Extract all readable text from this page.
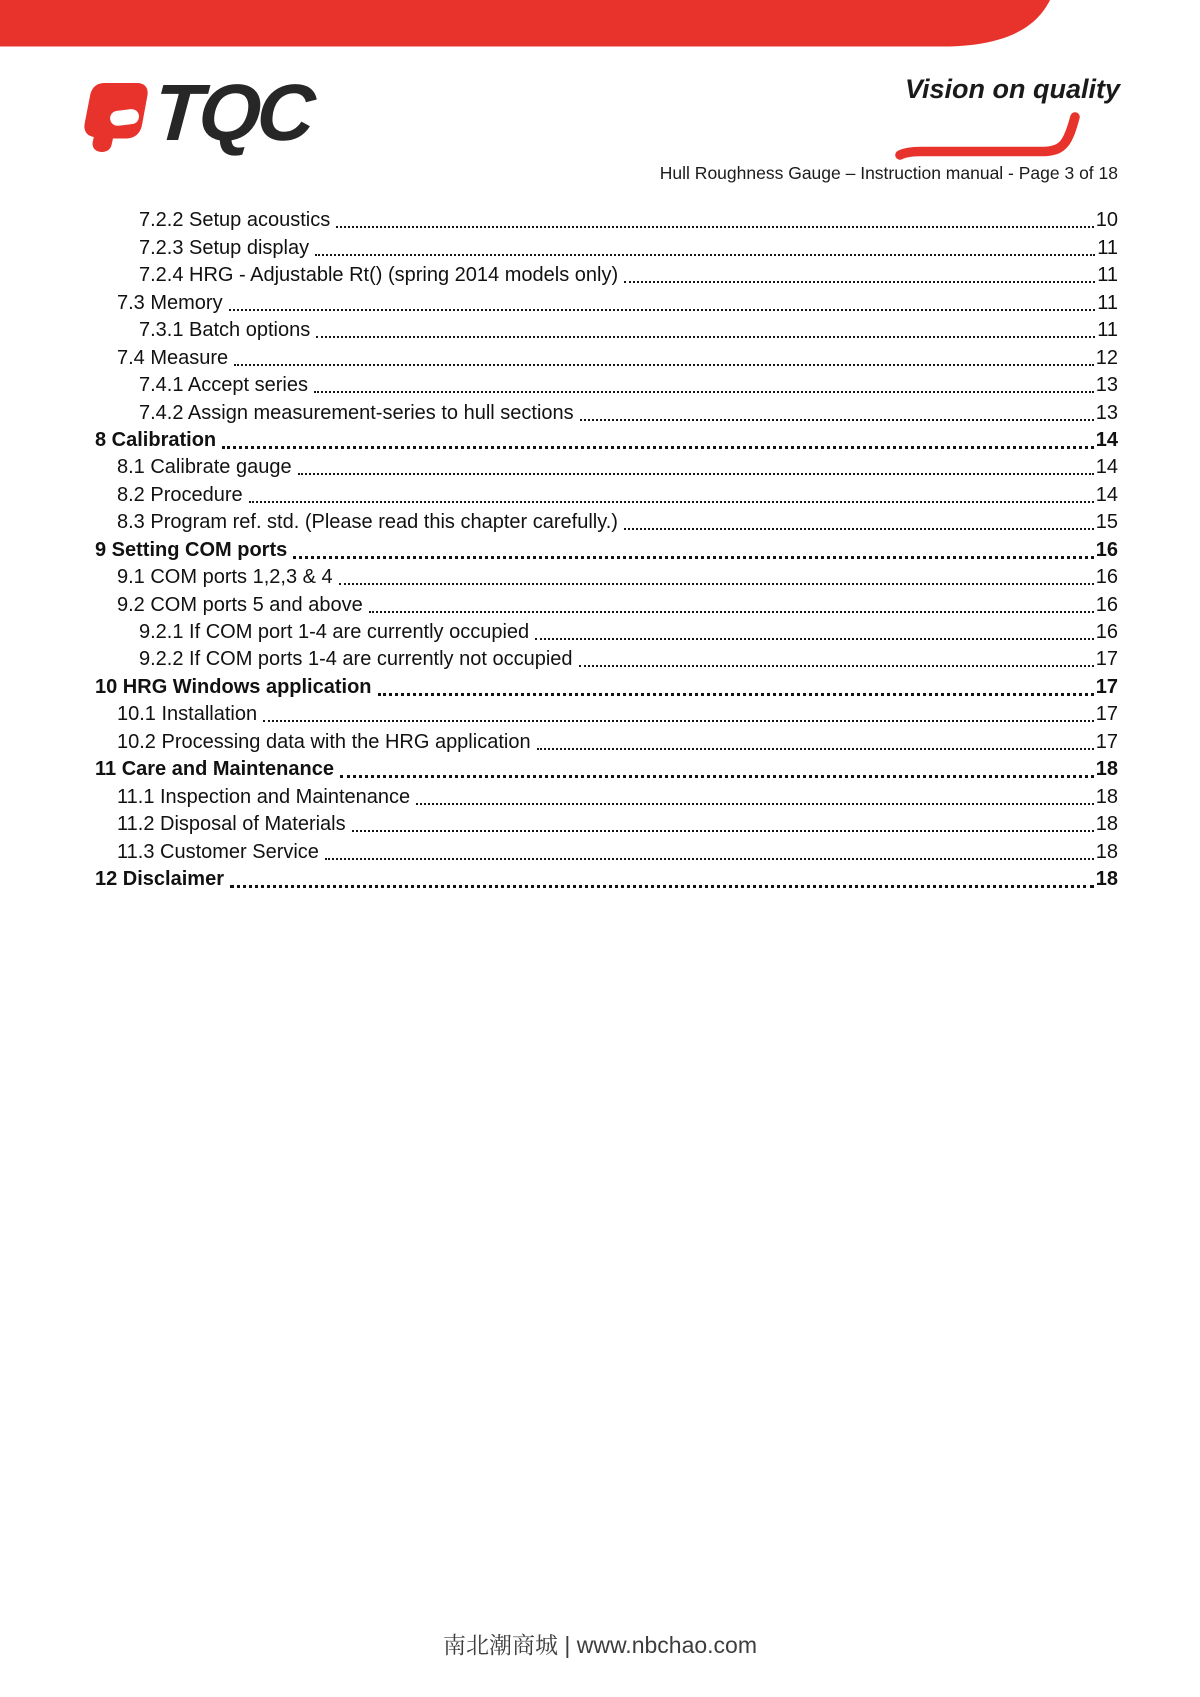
TQC	Vision on quality
Hull Roughness Gauge – Instruction manual - Page 3 of 18
7.2.2 Setup acoustics	10
7.2.3 Setup display	11
7.2.4 HRG - Adjustable Rt() (spring 2014 models only)	11
7.3 Memory	11
7.3.1 Batch options	11
7.4 Measure	12
7.4.1 Accept series	13
7.4.2 Assign measurement-series to hull sections	13
8 Calibration	14
8.1 Calibrate gauge	14
8.2 Procedure	14
8.3 Program ref. std. (Please read this chapter carefully.)	15
9 Setting COM ports	16
9.1 COM ports 1,2,3 & 4	16
9.2 COM ports 5 and above	16
9.2.1 If COM port 1-4 are currently occupied	16
9.2.2 If COM ports 1-4 are currently not occupied	17
10 HRG Windows application	17
10.1 Installation	17
10.2 Processing data with the HRG application	17
11 Care and Maintenance	18
11.1 Inspection and Maintenance	18
11.2 Disposal of Materials	18
11.3 Customer Service	18
12 Disclaimer	18
南北潮商城 | www.nbchao.com
